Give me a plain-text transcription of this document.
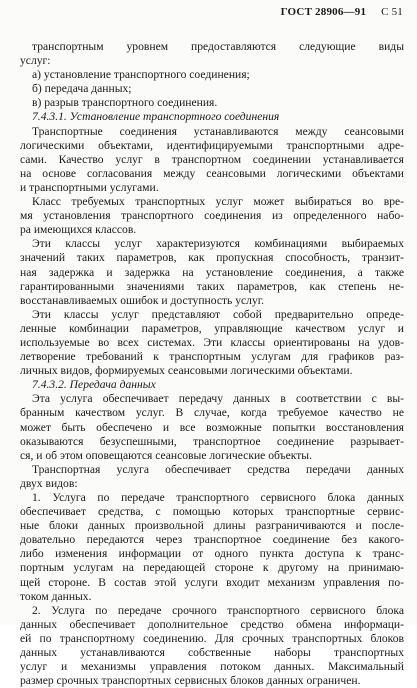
ГОСТ 28906—91 С 51
транспортным уровнем предоставляются следующие виды
услуг:
а) установление транспортного соединения;
б) передача данных;
в) разрыв транспортного соединения.
7.4.3.1. Установление транспортного соединения
Транспортные соединения устанавливаются между сеансовыми
логическими объектами, идентифицируемыми транспортными адре-
сами. Качество услуг в транспортном соединении устанавливается
на основе согласования между сеансовыми логическими объектами
и транспортными услугами.
Класс требуемых транспортных услуг может выбираться во вре-
мя установления транспортного соединения из определенного набо-
ра имеющихся классов.
Эти классы услуг характеризуются комбинациями выбираемых
значений таких параметров, как пропускная способность, транзит-
ная задержка и задержка на установление соединения, а также
гарантированными значениями таких параметров, как степень не-
восстанавливаемых ошибок и доступность услуг.
Эти классы услуг представляют собой предварительно опреде-
ленные комбинации параметров, управляющие качеством услуг и
используемые во всех системах. Эти классы ориентированы на удов-
летворение требований к транспортным услугам для графиков раз-
личных видов, формируемых сеансовыми логическими объектами.
7.4.3.2. Передача данных
Эта услуга обеспечивает передачу данных в соответствии с вы-
бранным качеством услуг. В случае, когда требуемое качество не
может быть обеспечено и все возможные попытки восстановления
оказываются безуспешными, транспортное соединение разрывает-
ся, и об этом оповещаются сеансовые логические объекты.
Транспортная услуга обеспечивает средства передачи данных
двух видов:
1. Услуга по передаче транспортного сервисного блока данных
обеспечивает средства, с помощью которых транспортные сервис-
ные блоки данных произвольной длины разграничиваются и после-
довательно передаются через транспортное соединение без какого-
либо изменения информации от одного пункта доступа к транс-
портным услугам на передающей стороне к другому на принимаю-
щей стороне. В состав этой услуги входит механизм управления по-
током данных.
2. Услуга по передаче срочного транспортного сервисного блока
данных обеспечивает дополнительное средство обмена информаци-
ей по транспортному соединению. Для срочных транспортных блоков
данных устанавливаются собственные наборы транспортных
услуг и механизмы управления потоком данных. Максимальный
размер срочных транспортных сервисных блоков данных ограничен.
